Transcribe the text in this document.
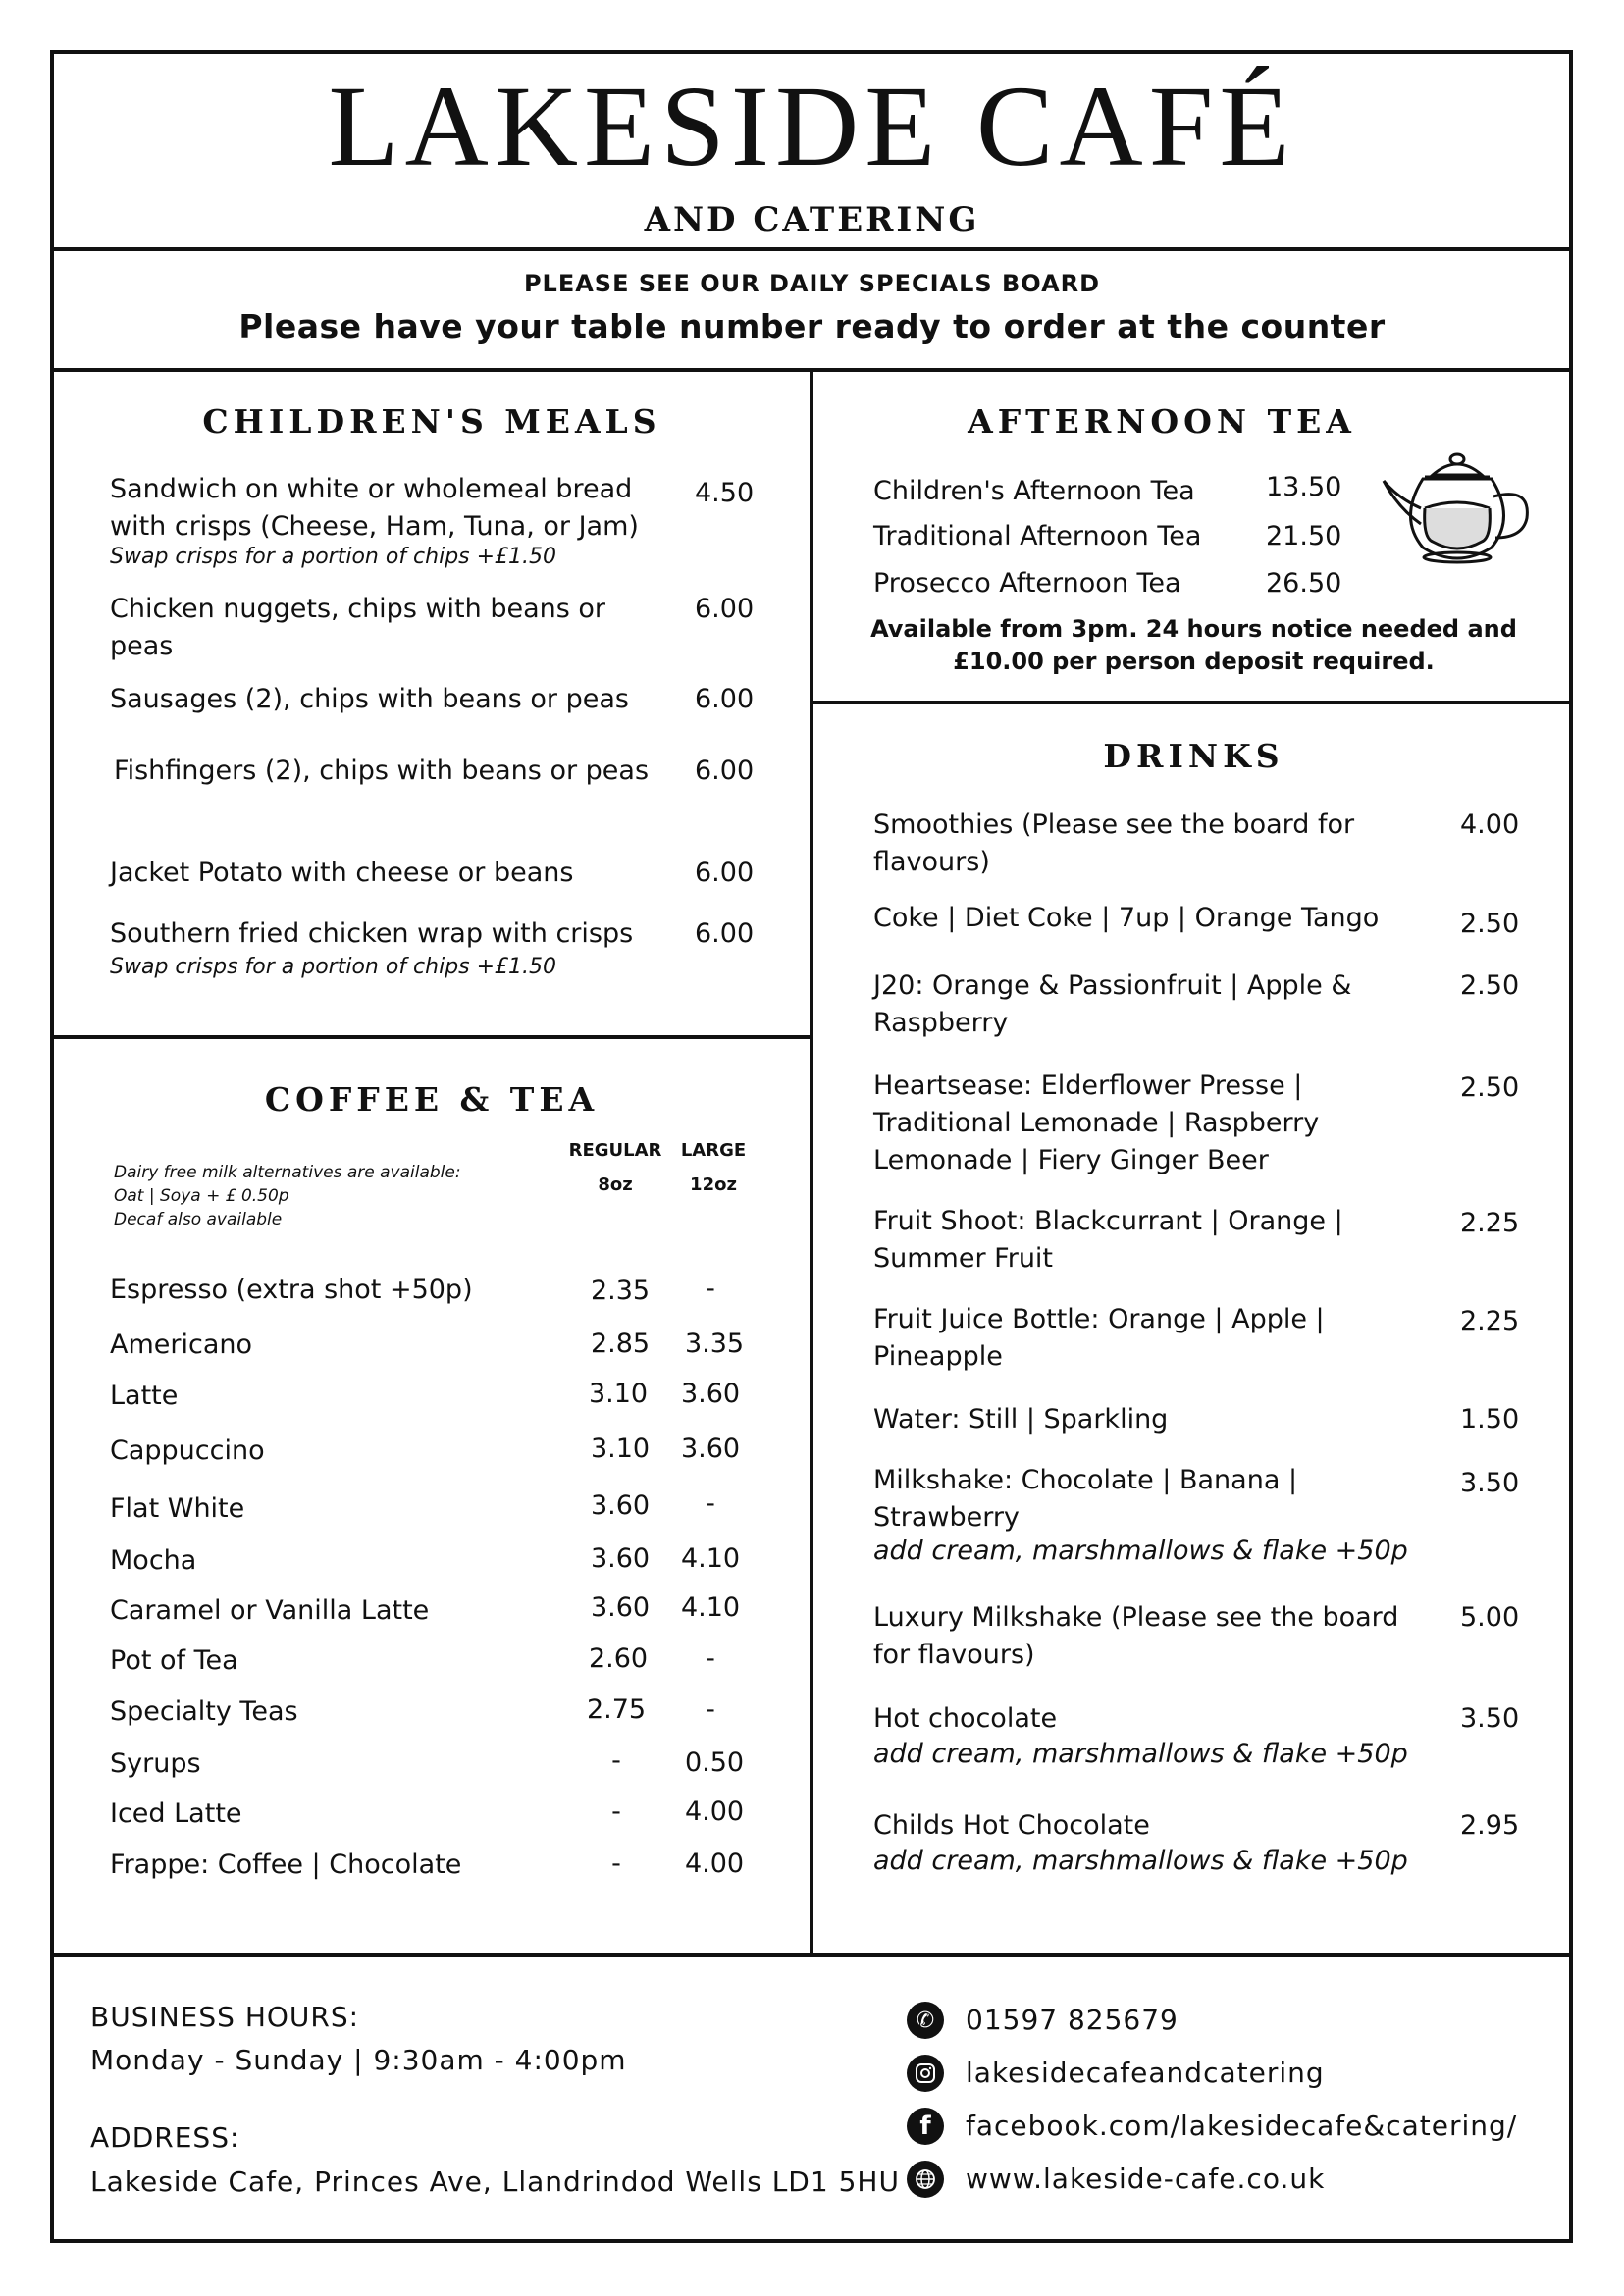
LAKESIDE CAFÉ
AND CATERING
PLEASE SEE OUR DAILY SPECIALS BOARD
Please have your table number ready to order at the counter
CHILDREN'S MEALS
Sandwich on white or wholemeal bread with crisps (Cheese, Ham, Tuna, or Jam)
4.50
Swap crisps for a portion of chips +£1.50
Chicken nuggets, chips with beans or peas
6.00
Sausages (2), chips with beans or peas	6.00
Fishfingers (2), chips with beans or peas	6.00
Jacket Potato with cheese or beans	6.00
Southern fried chicken wrap with crisps	6.00
Swap crisps for a portion of chips +£1.50
AFTERNOON TEA
Children's Afternoon Tea	13.50
Traditional Afternoon Tea 21.50
Prosecco Afternoon Tea	26.50
Available from 3pm. 24 hours notice needed and
£10.00 per person deposit required.
DRINKS
Smoothies (Please see the board for flavours)
4.00
Coke | Diet Coke | 7up | Orange Tango	2.50
J20: Orange & Passionfruit | Apple & Raspberry
2.50
Heartsease: Elderflower Presse | Traditional Lemonade | Raspberry Lemonade | Fiery Ginger Beer
2.50
Fruit Shoot: Blackcurrant | Orange | Summer Fruit
2.25
Fruit Juice Bottle: Orange | Apple | Pineapple
2.25
Water: Still | Sparkling	1.50
Milkshake: Chocolate | Banana | Strawberry
3.50
add cream, marshmallows & flake +50p
Luxury Milkshake (Please see the board for flavours)
5.00
Hot chocolate	3.50
add cream, marshmallows & flake +50p
Childs Hot Chocolate	2.95
add cream, marshmallows & flake +50p
COFFEE & TEA
REGULAR	LARGE
8oz	12oz
Dairy free milk alternatives are available:
Oat | Soya + £ 0.50p
Decaf also available
Espresso (extra shot +50p)	2.35	-
Americano	2.85	3.35
Latte	3.10	3.60
Cappuccino	3.10	3.60
Flat White	3.60	-
Mocha	3.60	4.10
Caramel or Vanilla Latte	3.60	4.10
Pot of Tea	2.60	-
Specialty Teas	2.75	-
Syrups	-	0.50
Iced Latte	-	4.00
Frappe: Coffee | Chocolate	-	4.00
BUSINESS HOURS:
Monday - Sunday | 9:30am - 4:00pm
ADDRESS:
Lakeside Cafe, Princes Ave, Llandrindod Wells LD1 5HU
✆	01597 825679
lakesidecafeandcatering
f	facebook.com/lakesidecafe&catering/
www.lakeside-cafe.co.uk
